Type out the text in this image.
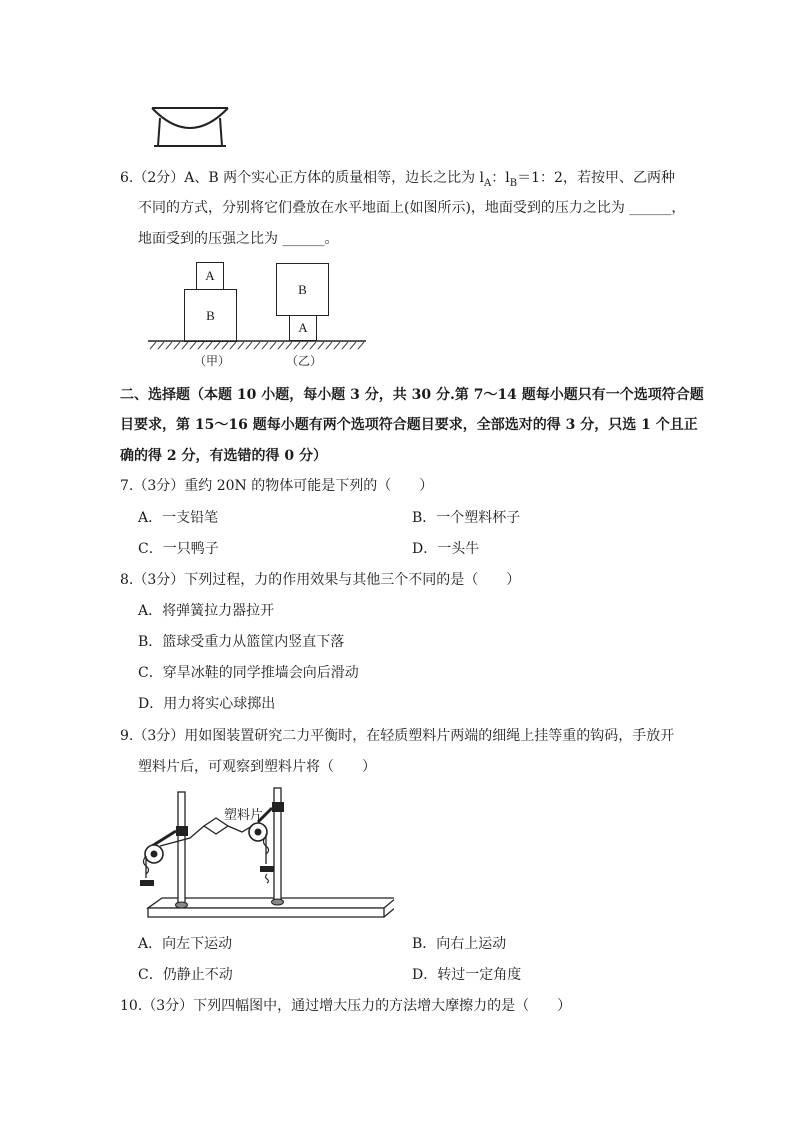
6.（2分）A、B 两个实心正方体的质量相等，边长之比为 $l_A$：$l_B=1$：2，若按甲、乙两种
不同的方式，分别将它们叠放在水平地面上(如图所示)，地面受到的压力之比为 ______，
地面受到的压强之比为 ______。
A
B
B
A
（甲）	（乙）
二、选择题（本题 10 小题，每小题 3 分，共 30 分.第 7～14 题每小题只有一个选项符合题
目要求，第 15～16 题每小题有两个选项符合题目要求，全部选对的得 3 分，只选 1 个且正
确的得 2 分，有选错的得 0 分）
7.（3分）重约 20N 的物体可能是下列的（　　）
A．一支铅笔	B．一个塑料杯子
C．一只鸭子	D．一头牛
8.（3分）下列过程，力的作用效果与其他三个不同的是（　　）
A．将弹簧拉力器拉开
B．篮球受重力从篮筐内竖直下落
C．穿旱冰鞋的同学推墙会向后滑动
D．用力将实心球掷出
9.（3分）用如图装置研究二力平衡时，在轻质塑料片两端的细绳上挂等重的钩码，手放开
塑料片后，可观察到塑料片将（　　）
塑料片
A．向左下运动	B．向右上运动
C．仍静止不动	D．转过一定角度
10.（3分）下列四幅图中，通过增大压力的方法增大摩擦力的是（　　）
